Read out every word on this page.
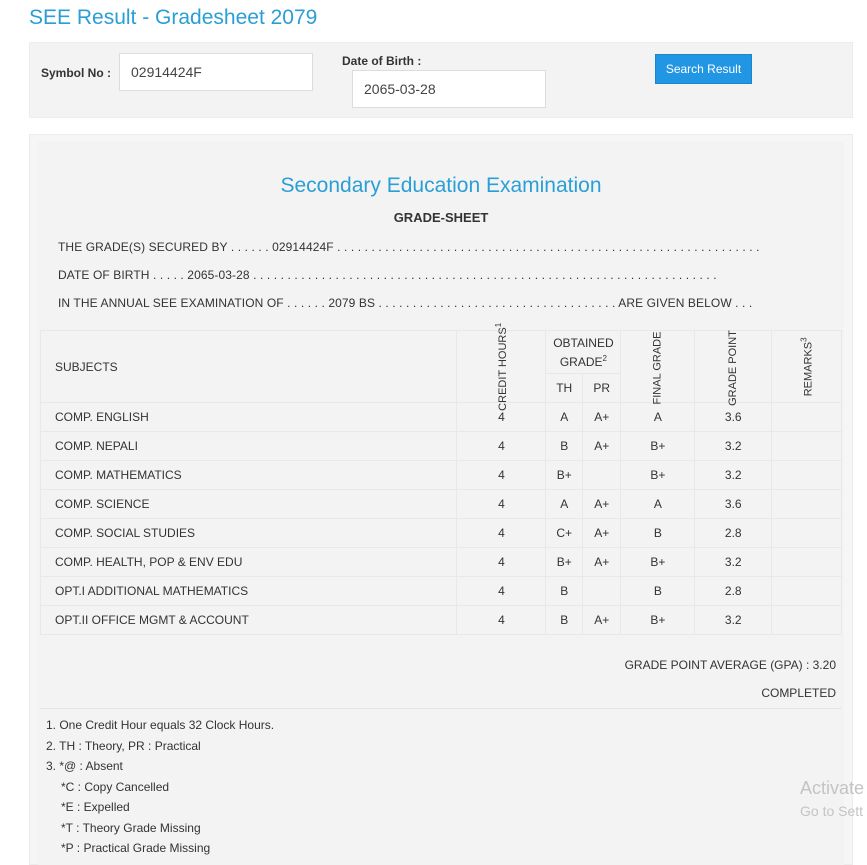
SEE Result - Gradesheet 2079
Symbol No :
02914424F
Date of Birth :
2065-03-28
Search Result
Secondary Education Examination
GRADE-SHEET
THE GRADE(S) SECURED BY . . . . . . 02914424F . . . . . . . . . . . . . . . . . . . . . . . . . . . . . . . . . . . . . . . . . . . . . . . . . . . . . . . . . . . . . .
DATE OF BIRTH . . . . . 2065-03-28 . . . . . . . . . . . . . . . . . . . . . . . . . . . . . . . . . . . . . . . . . . . . . . . . . . . . . . . . . . . . . . . . . . . .
IN THE ANNUAL SEE EXAMINATION OF . . . . . . 2079 BS . . . . . . . . . . . . . . . . . . . . . . . . . . . . . . . . . . . ARE GIVEN BELOW . . .
SUBJECTS	CREDIT HOURS$^1$	OBTAINED GRADE$^2$		FINAL GRADE	GRADE POINT	REMARKS$^3$
		TH	PR			
COMP. ENGLISH	4	A	A+	A	3.6	
COMP. NEPALI	4	B	A+	B+	3.2	
COMP. MATHEMATICS	4	B+		B+	3.2	
COMP. SCIENCE	4	A	A+	A	3.6	
COMP. SOCIAL STUDIES	4	C+	A+	B	2.8	
COMP. HEALTH, POP & ENV EDU	4	B+	A+	B+	3.2	
OPT.I ADDITIONAL MATHEMATICS	4	B		B	2.8	
OPT.II OFFICE MGMT & ACCOUNT	4	B	A+	B+	3.2	
GRADE POINT AVERAGE (GPA) : 3.20
COMPLETED
1. One Credit Hour equals 32 Clock Hours.
2. TH : Theory, PR : Practical
3. *@ : Absent
*C : Copy Cancelled
*E : Expelled
*T : Theory Grade Missing
*P : Practical Grade Missing
Activate
Go to Sett
